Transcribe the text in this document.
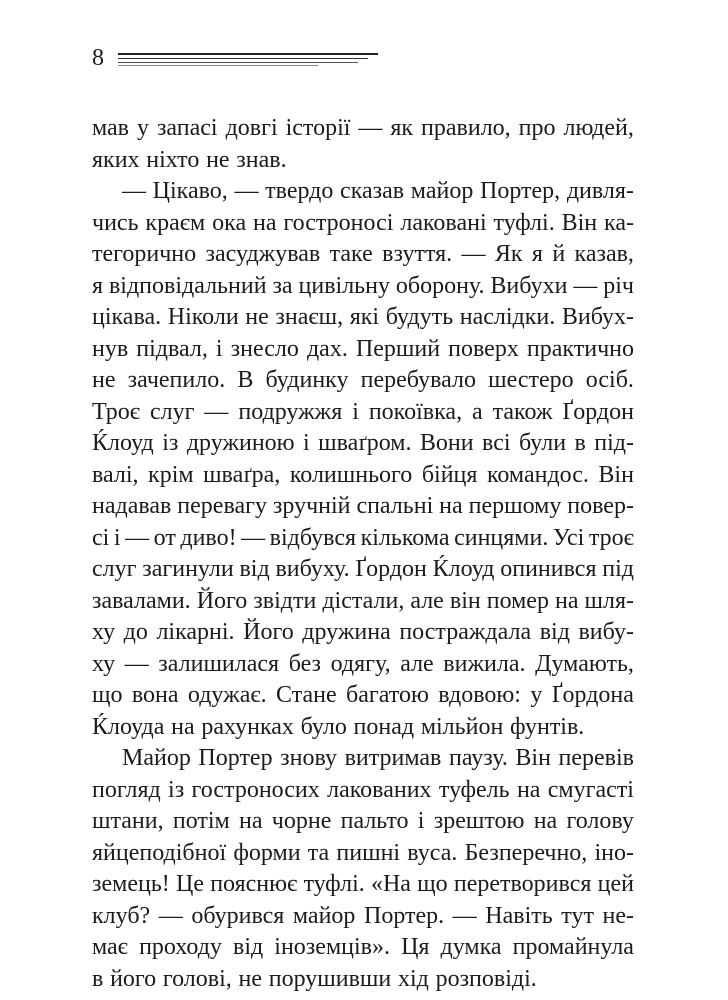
8
мав у запасі довгі історії — як правило, про людей,
яких ніхто не знав.
— Цікаво, — твердо сказав майор Портер, дивля-
чись краєм ока на гостроносі лаковані туфлі. Він ка-
тегорично засуджував таке взуття. — Як я й казав,
я відповідальний за цивільну оборону. Вибухи — річ
цікава. Ніколи не знаєш, які будуть наслідки. Вибух-
нув підвал, і знесло дах. Перший поверх практично
не зачепило. В будинку перебувало шестеро осіб.
Троє слуг — подружжя і покоївка, а також Ґордон
Ќлоуд із дружиною і шваґром. Вони всі були в під-
валі, крім шваґра, колишнього бійця командос. Він
надавав перевагу зручній спальні на першому повер-
сі і — от диво! — відбувся кількома синцями. Усі троє
слуг загинули від вибуху. Ґордон Ќлоуд опинився під
завалами. Його звідти дістали, але він помер на шля-
ху до лікарні. Його дружина постраждала від вибу-
ху — залишилася без одягу, але вижила. Думають,
що вона одужає. Стане багатою вдовою: у Ґордона
Ќлоуда на рахунках було понад мільйон фунтів.
Майор Портер знову витримав паузу. Він перевів
погляд із гостроносих лакованих туфель на смугасті
штани, потім на чорне пальто і зрештою на голову
яйцеподібної форми та пишні вуса. Безперечно, іно-
земець! Це пояснює туфлі. «На що перетворився цей
клуб? — обурився майор Портер. — Навіть тут не-
має проходу від іноземців». Ця думка промайнула
в його голові, не порушивши хід розповіді.
